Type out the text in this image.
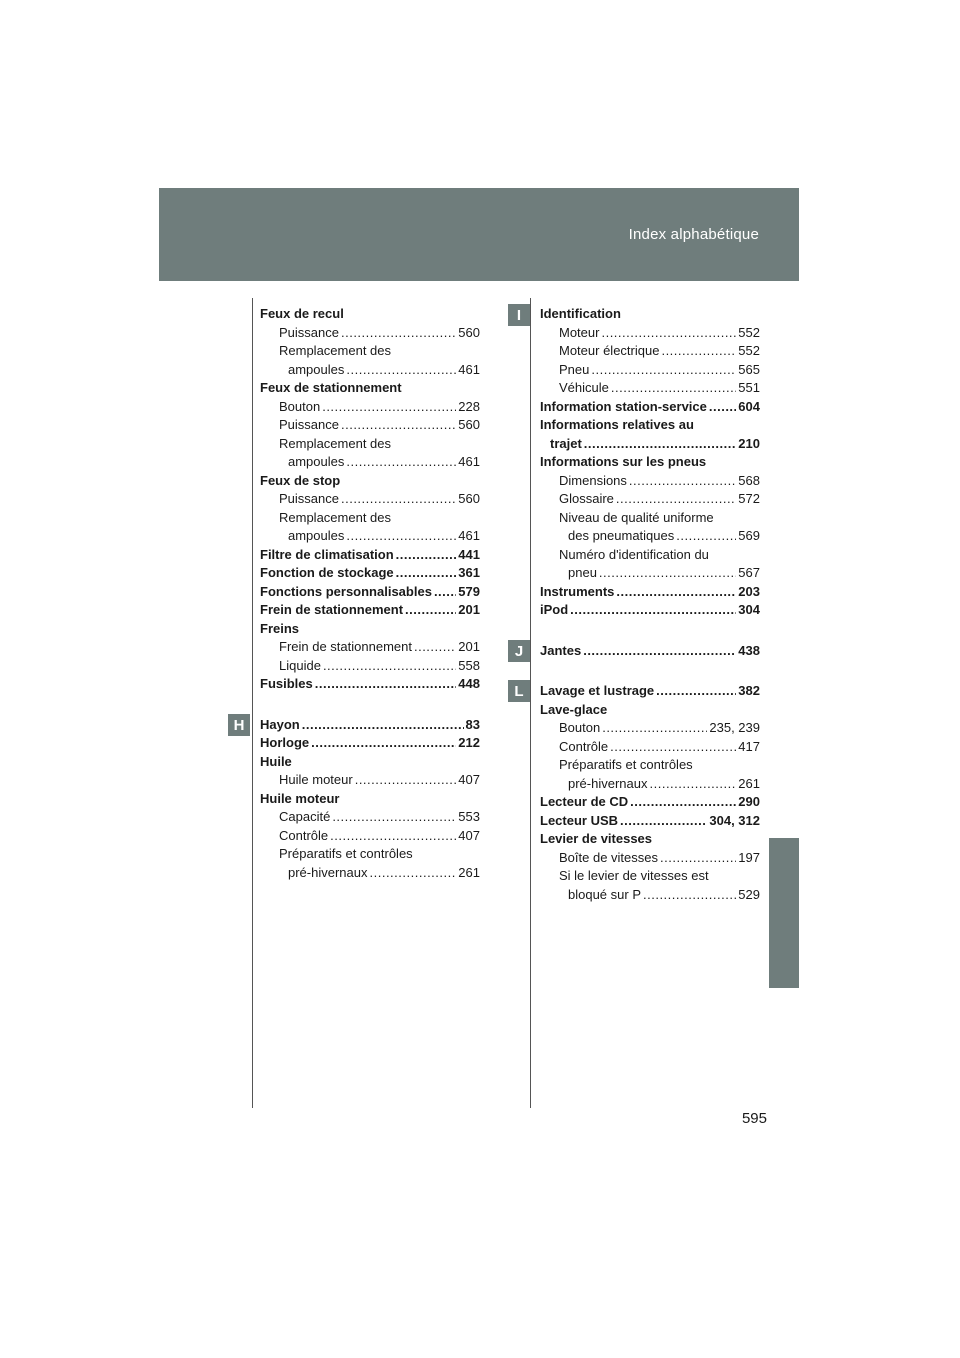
Index alphabétique
H
I
J
L
Feux de recul
Puissance .....	560
Remplacement des
ampoules .....	461
Feux de stationnement
Bouton .....	228
Puissance .....	560
Remplacement des
ampoules .....	461
Feux de stop
Puissance .....	560
Remplacement des
ampoules .....	461
Filtre de climatisation .....	441
Fonction de stockage .....	361
Fonctions personnalisables ..... 579
Frein de stationnement .....	201
Freins
Frein de stationnement .....	201
Liquide .....	558
Fusibles .....	448
Hayon .....	83
Horloge .....	212
Huile
Huile moteur .....	407
Huile moteur
Capacité .....	553
Contrôle .....	407
Préparatifs et contrôles
pré-hivernaux .....	261
Identification
Moteur .....	552
Moteur électrique .....	552
Pneu .....	565
Véhicule .....	551
Information station-service ..... 604
Informations relatives au
trajet .....	210
Informations sur les pneus
Dimensions .....	568
Glossaire .....	572
Niveau de qualité uniforme
des pneumatiques .....	569
Numéro d'identification du
pneu .....	567
Instruments .....	203
iPod .....	304
Jantes .....	438
Lavage et lustrage .....	382
Lave-glace
Bouton .....	235, 239
Contrôle .....	417
Préparatifs et contrôles
pré-hivernaux .....	261
Lecteur de CD .....	290
Lecteur USB .....	304, 312
Levier de vitesses
Boîte de vitesses .....	197
Si le levier de vitesses est
bloqué sur P .....	529
595
